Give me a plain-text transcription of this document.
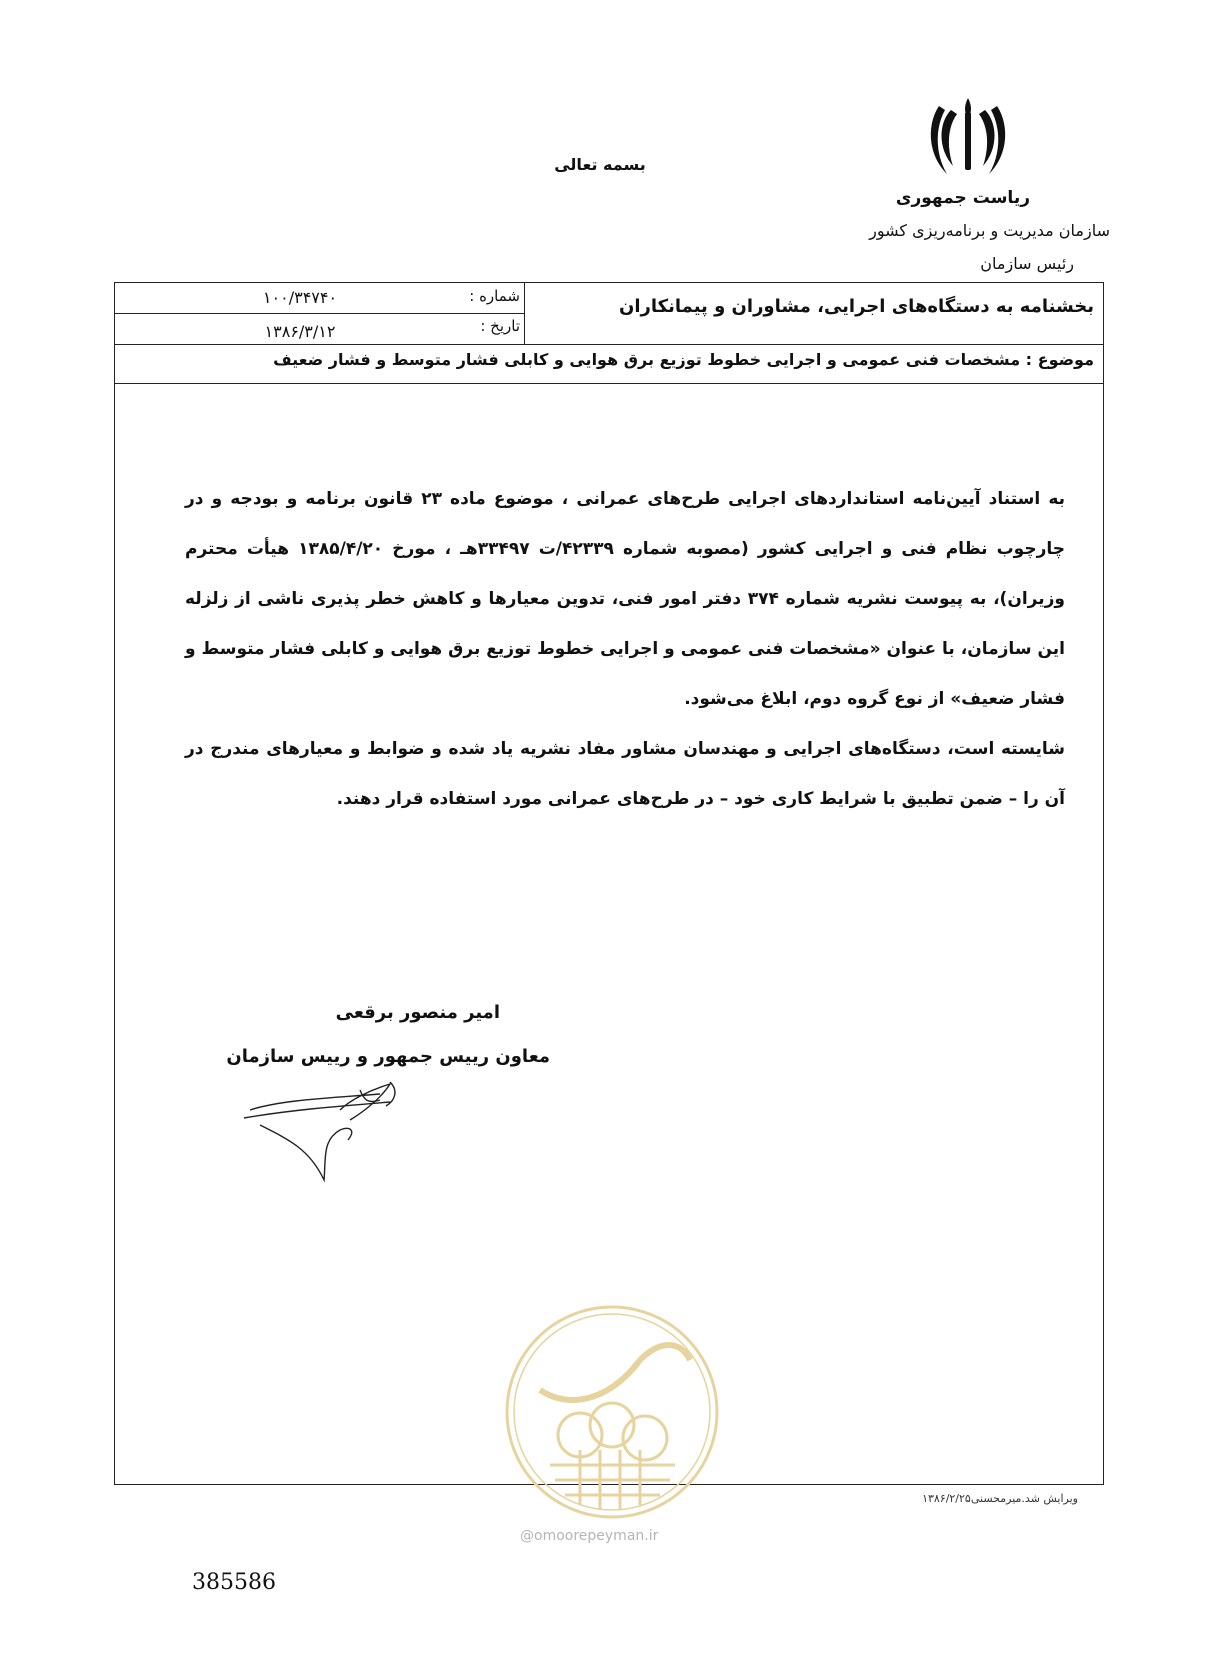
بسمه تعالی
ریاست جمهوری
سازمان مدیریت و برنامه‌ریزی کشور
رئیس سازمان
بخشنامه به دستگاه‌های اجرایی، مشاوران و پیمانکاران
شماره :
تاریخ :
۱۰۰/۳۴۷۴۰
۱۳۸۶/۳/۱۲
موضوع : مشخصات فنی عمومی و اجرایی خطوط توزیع برق هوایی و کابلی فشار متوسط و فشار ضعیف

به استناد آیین‌نامه استانداردهای اجرایی طرح‌های عمرانی ، موضوع ماده ۲۳ قانون برنامه و بودجه و در چارچوب نظام فنی و اجرایی کشور (مصوبه شماره ۴۲۳۳۹/ت ۳۳۴۹۷هـ ، مورخ ۱۳۸۵/۴/۲۰ هیأت محترم وزیران)، به پیوست نشریه شماره ۳۷۴ دفتر امور فنی، تدوین معیارها و کاهش خطر پذیری ناشی از زلزله این سازمان، با عنوان «مشخصات فنی عمومی و اجرایی خطوط توزیع برق هوایی و کابلی فشار متوسط و فشار ضعیف» از نوع گروه دوم، ابلاغ می‌شود.

شایسته است، دستگاه‌های اجرایی و مهندسان مشاور مفاد نشریه یاد شده و ضوابط و معیارهای مندرج در آن را – ضمن تطبیق با شرایط کاری خود – در طرح‌های عمرانی مورد استفاده قرار دهند.

امیر منصور برقعی
معاون رییس جمهور و رییس سازمان
ویرایش شد.میرمحسنی۱۳۸۶/۲/۲۵
@omoorepeyman.ir
385586
